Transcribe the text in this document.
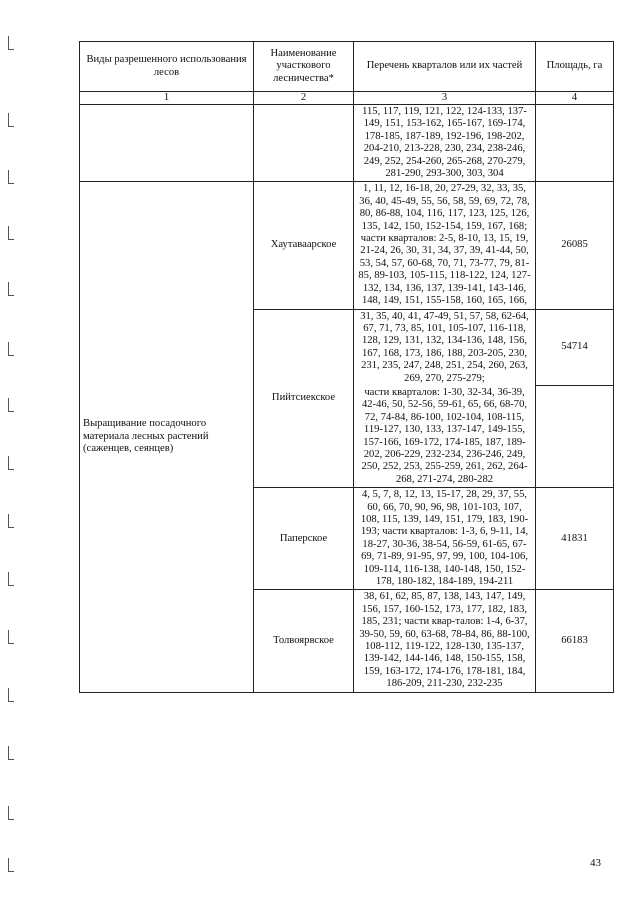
Виды разрешенного использования лесов	Наименование участкового лесничества*	Перечень кварталов или их частей	Площадь, га
1	2	3	4
		115, 117, 119, 121, 122, 124-133, 137-149, 151, 153-162, 165-167, 169-174, 178-185, 187-189, 192-196, 198-202, 204-210, 213-228, 230, 234, 238-246, 249, 252, 254-260, 265-268, 270-279, 281-290, 293-300, 303, 304	
Выращивание посадочного материала лесных растений (саженцев, сеянцев)	Хаутаваарское	1, 11, 12, 16-18, 20, 27-29, 32, 33, 35, 36, 40, 45-49, 55, 56, 58, 59, 69, 72, 78, 80, 86-88, 104, 116, 117, 123, 125, 126, 135, 142, 150, 152-154, 159, 167, 168; части кварталов: 2-5, 8-10, 13, 15, 19, 21-24, 26, 30, 31, 34, 37, 39, 41-44, 50, 53, 54, 57, 60-68, 70, 71, 73-77, 79, 81-85, 89-103, 105-115, 118-122, 124, 127-132, 134, 136, 137, 139-141, 143-146, 148, 149, 151, 155-158, 160, 165, 166,	26085
	Пийтсиекское	31, 35, 40, 41, 47-49, 51, 57, 58, 62-64, 67, 71, 73, 85, 101, 105-107, 116-118, 128, 129, 131, 132, 134-136, 148, 156, 167, 168, 173, 186, 188, 203-205, 230, 231, 235, 247, 248, 251, 254, 260, 263, 269, 270, 275-279;	54714
		части кварталов: 1-30, 32-34, 36-39, 42-46, 50, 52-56, 59-61, 65, 66, 68-70, 72, 74-84, 86-100, 102-104, 108-115, 119-127, 130, 133, 137-147, 149-155, 157-166, 169-172, 174-185, 187, 189-202, 206-229, 232-234, 236-246, 249, 250, 252, 253, 255-259, 261, 262, 264-268, 271-274, 280-282	
	Паперское	4, 5, 7, 8, 12, 13, 15-17, 28, 29, 37, 55, 60, 66, 70, 90, 96, 98, 101-103, 107, 108, 115, 139, 149, 151, 179, 183, 190-193; части кварталов: 1-3, 6, 9-11, 14, 18-27, 30-36, 38-54, 56-59, 61-65, 67-69, 71-89, 91-95, 97, 99, 100, 104-106, 109-114, 116-138, 140-148, 150, 152-178, 180-182, 184-189, 194-211	41831
	Толвоярвское	38, 61, 62, 85, 87, 138, 143, 147, 149, 156, 157, 160-152, 173, 177, 182, 183, 185, 231; части квар-талов: 1-4, 6-37, 39-50, 59, 60, 63-68, 78-84, 86, 88-100, 108-112, 119-122, 128-130, 135-137, 139-142, 144-146, 148, 150-155, 158, 159, 163-172, 174-176, 178-181, 184, 186-209, 211-230, 232-235	66183
43
